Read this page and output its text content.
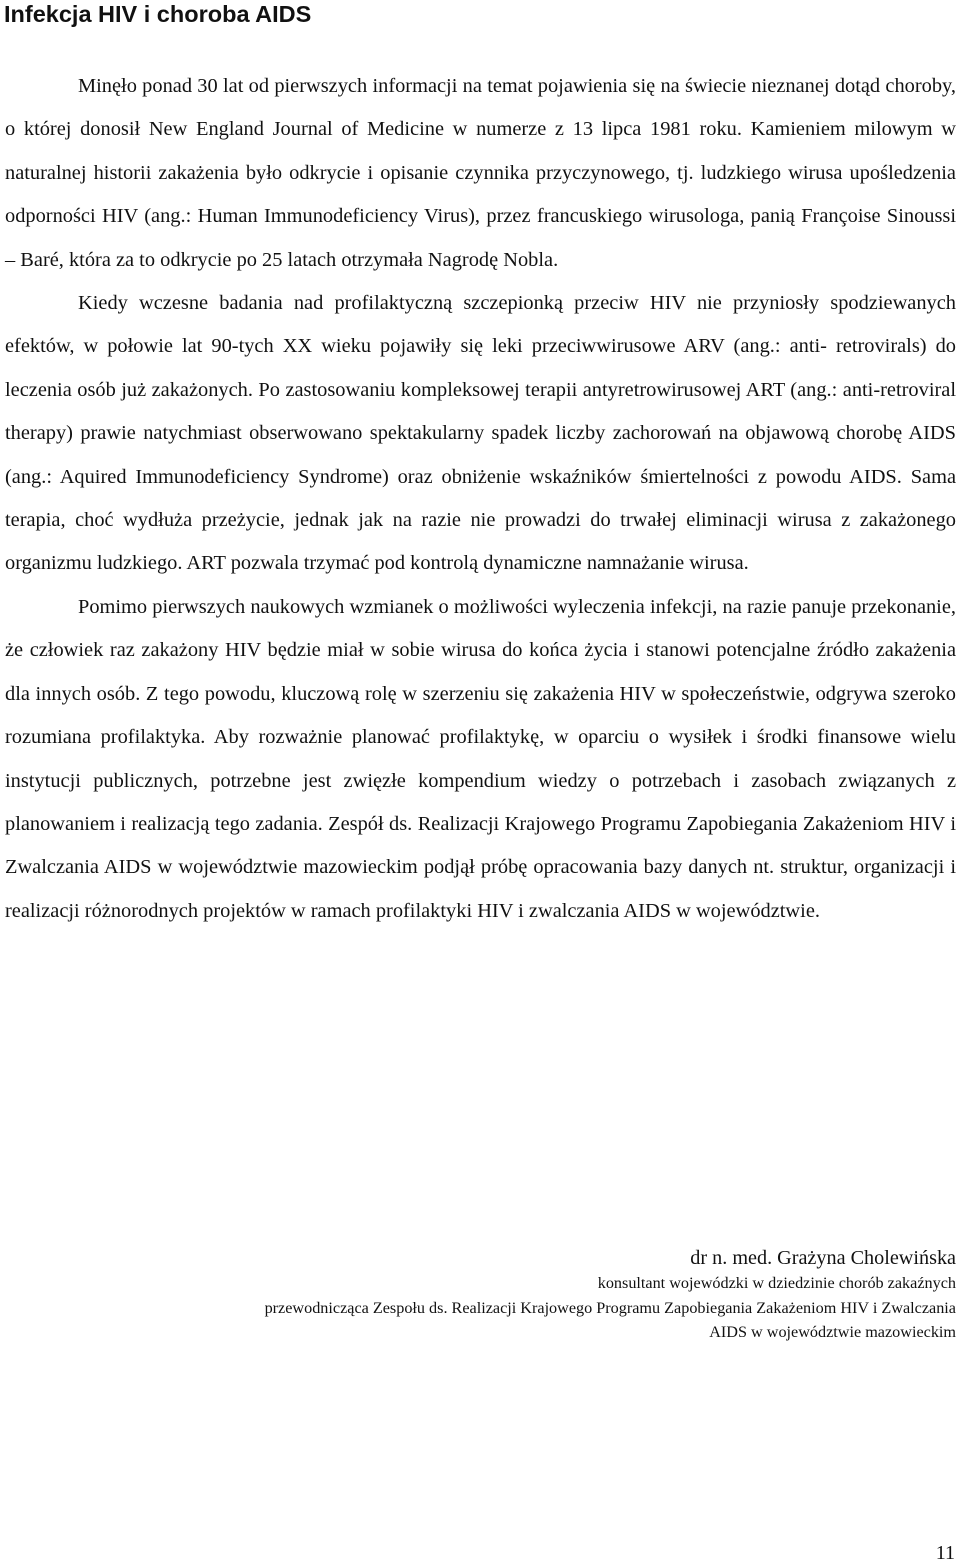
Infekcja HIV i choroba AIDS

Minęło ponad 30 lat od pierwszych informacji na temat pojawienia się na świecie nieznanej dotąd choroby, o której donosił New England Journal of Medicine w numerze z 13 lipca 1981 roku. Kamieniem milowym w naturalnej historii zakażenia było odkrycie i opisanie czynnika przyczynowego, tj. ludzkiego wirusa upośledzenia odporności HIV (ang.: Human Immunodeficiency Virus), przez francuskiego wirusologa, panią Françoise Sinoussi – Baré, która za to odkrycie po 25 latach otrzymała Nagrodę Nobla.

Kiedy wczesne badania nad profilaktyczną szczepionką przeciw HIV nie przyniosły spodziewanych efektów, w połowie lat 90-tych XX wieku pojawiły się leki przeciwwirusowe ARV (ang.: anti- retrovirals) do leczenia osób już zakażonych. Po zastosowaniu kompleksowej terapii antyretrowirusowej ART (ang.: anti-retroviral therapy) prawie natychmiast obserwowano spektakularny spadek liczby zachorowań na objawową chorobę AIDS (ang.: Aquired Immunodeficiency Syndrome) oraz obniżenie wskaźników śmiertelności z powodu AIDS. Sama terapia, choć wydłuża przeżycie, jednak jak na razie nie prowadzi do trwałej eliminacji wirusa z zakażonego organizmu ludzkiego. ART pozwala trzymać pod kontrolą dynamiczne namnażanie wirusa.

Pomimo pierwszych naukowych wzmianek o możliwości wyleczenia infekcji, na razie panuje przekonanie, że człowiek raz zakażony HIV będzie miał w sobie wirusa do końca życia i stanowi potencjalne źródło zakażenia dla innych osób. Z tego powodu, kluczową rolę w szerzeniu się zakażenia HIV w społeczeństwie, odgrywa szeroko rozumiana profilaktyka. Aby rozważnie planować profilaktykę, w oparciu o wysiłek i środki finansowe wielu instytucji publicznych, potrzebne jest zwięzłe kompendium wiedzy o potrzebach i zasobach związanych z planowaniem i realizacją tego zadania. Zespół ds. Realizacji Krajowego Programu Zapobiegania Zakażeniom HIV i Zwalczania AIDS w województwie mazowieckim podjął próbę opracowania bazy danych nt. struktur, organizacji i realizacji różnorodnych projektów w ramach profilaktyki HIV i zwalczania AIDS w województwie.

dr n. med. Grażyna Cholewińska
konsultant wojewódzki w dziedzinie chorób zakaźnych
przewodnicząca Zespołu ds. Realizacji Krajowego Programu Zapobiegania Zakażeniom HIV i Zwalczania
AIDS w województwie mazowieckim
11
